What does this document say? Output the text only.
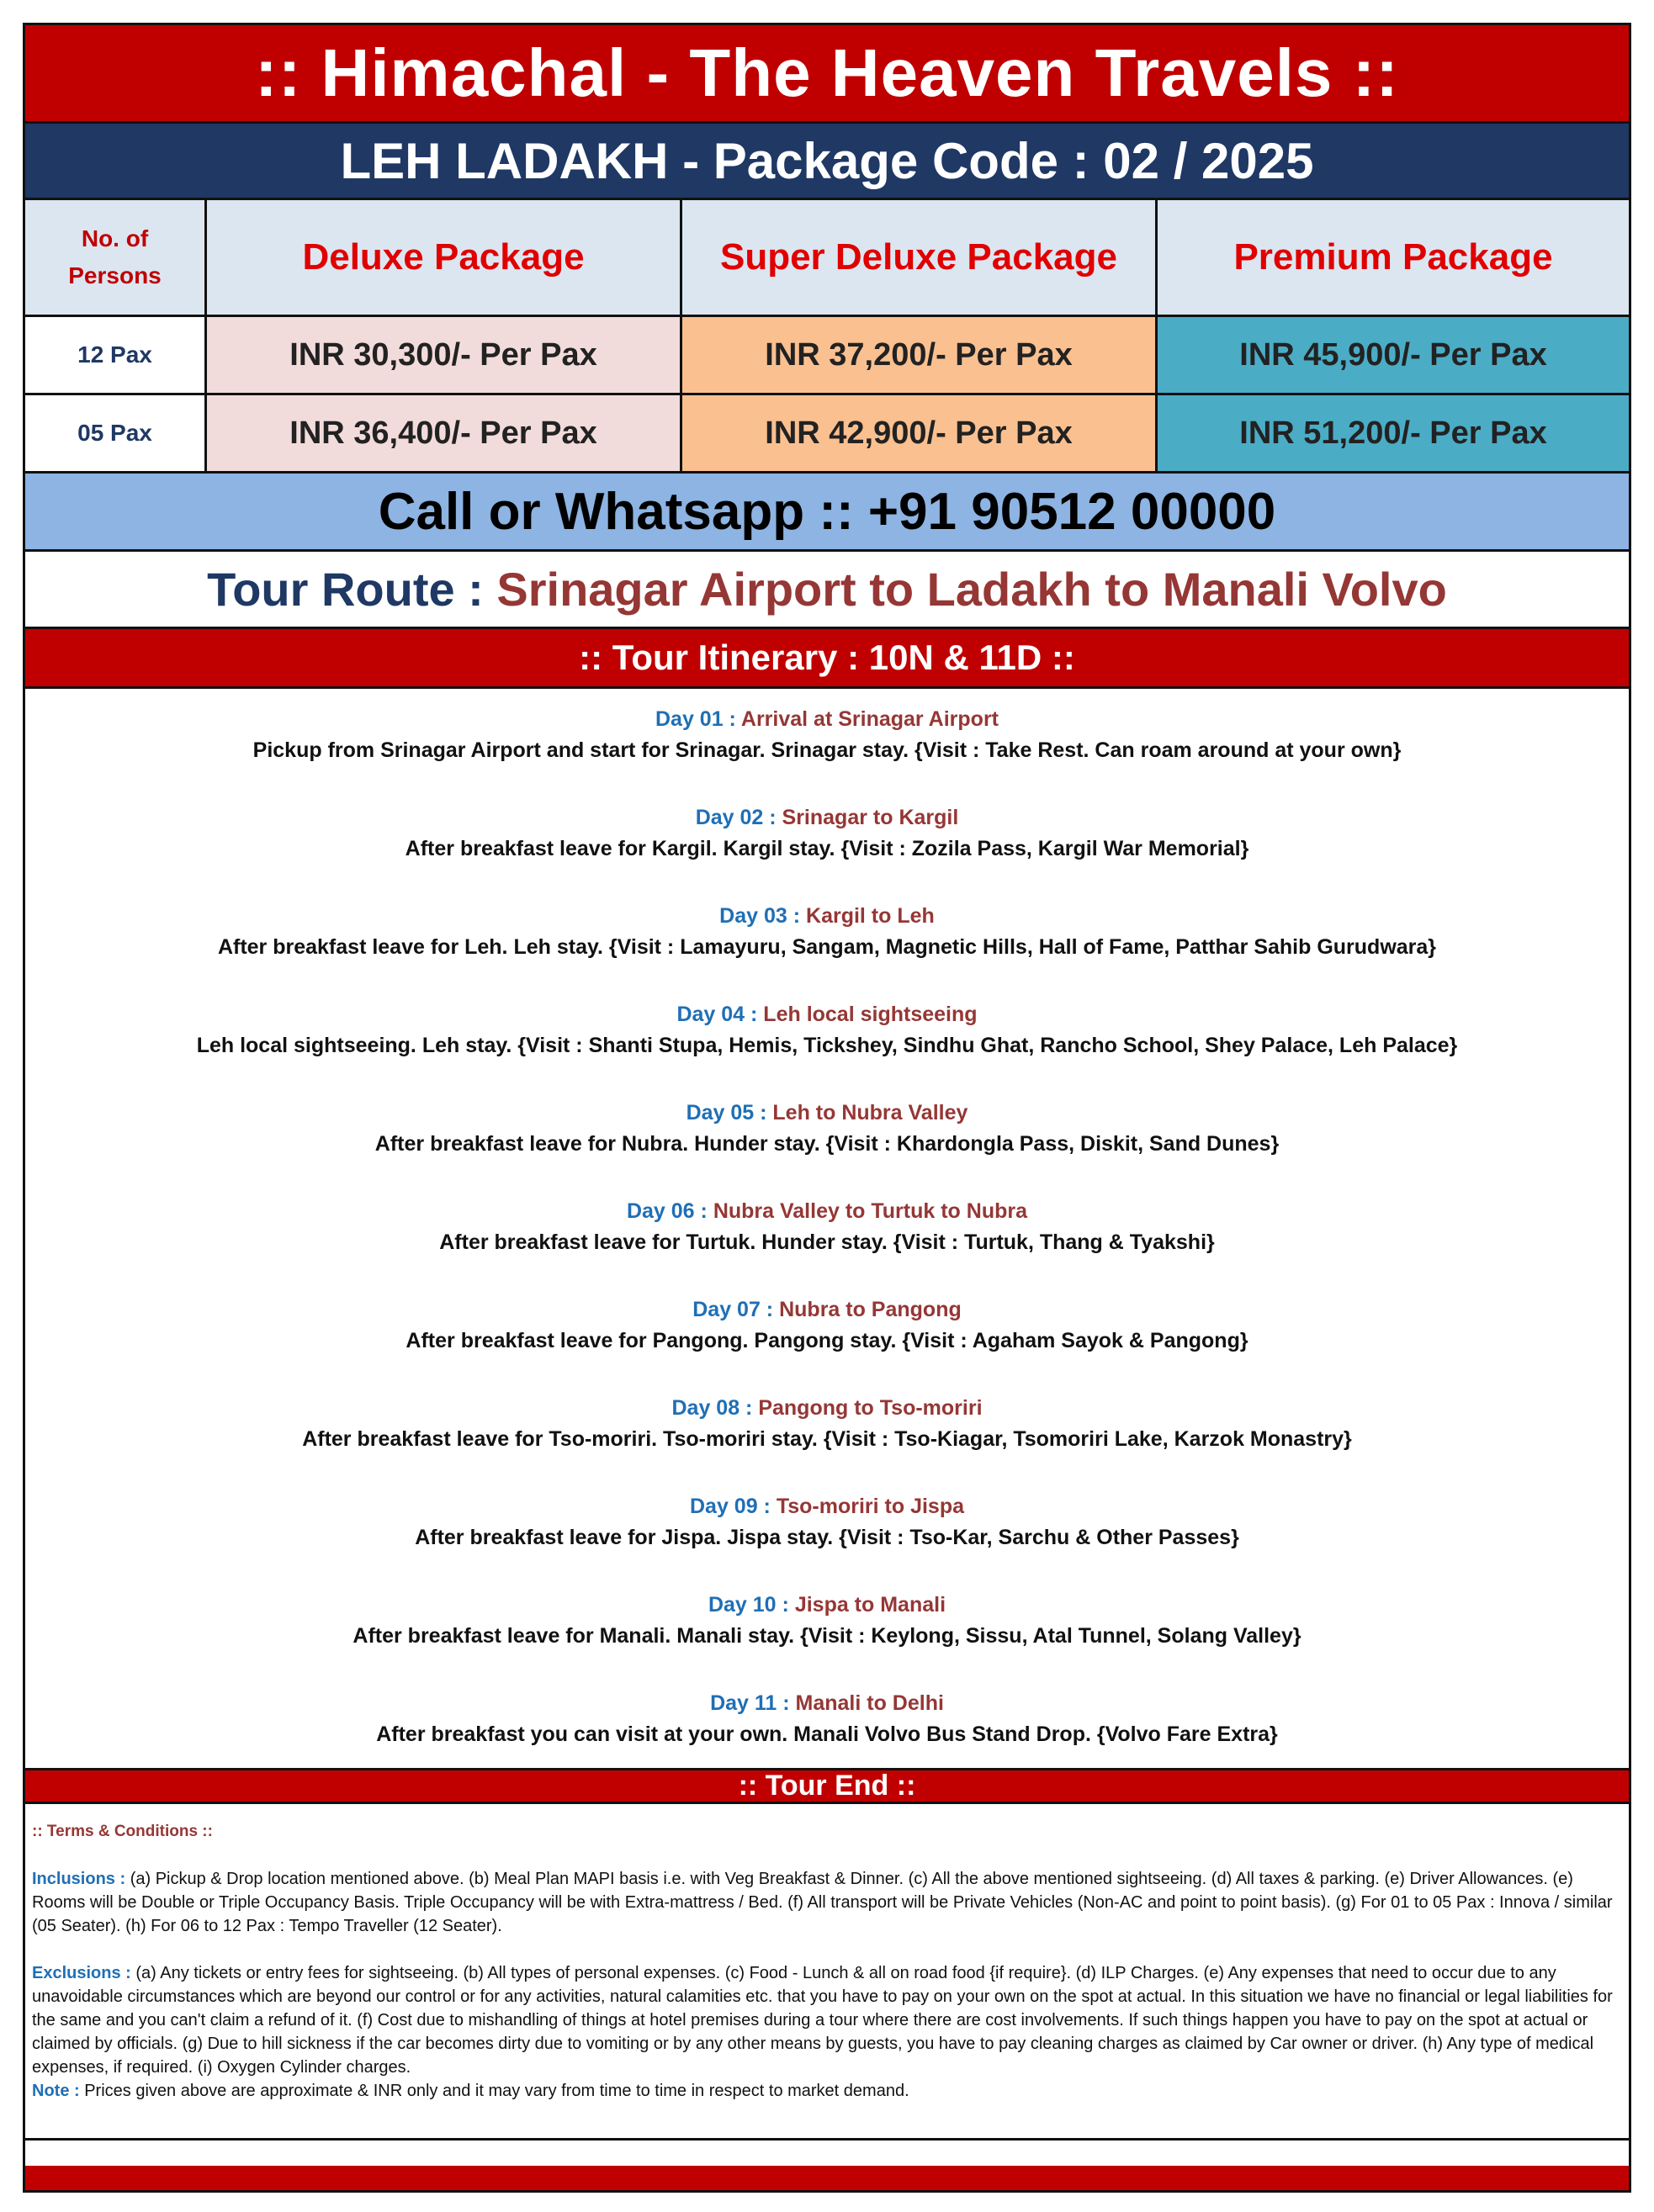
:: Himachal - The Heaven Travels ::
LEH LADAKH - Package Code : 02 / 2025
No. of Persons	Deluxe Package	Super Deluxe Package	Premium Package
12 Pax	INR 30,300/- Per Pax	INR 37,200/- Per Pax	INR 45,900/- Per Pax
05 Pax	INR 36,400/- Per Pax	INR 42,900/- Per Pax	INR 51,200/- Per Pax
Call or Whatsapp :: +91 90512 00000
Tour Route :
Srinagar Airport to Ladakh to Manali Volvo
:: Tour Itinerary : 10N & 11D ::
Day 01 : Arrival at Srinagar Airport
Pickup from Srinagar Airport and start for Srinagar. Srinagar stay. {Visit : Take Rest. Can roam around at your own}
Day 02 : Srinagar to Kargil
After breakfast leave for Kargil. Kargil stay. {Visit : Zozila Pass, Kargil War Memorial}
Day 03 : Kargil to Leh
After breakfast leave for Leh. Leh stay. {Visit : Lamayuru, Sangam, Magnetic Hills, Hall of Fame, Patthar Sahib Gurudwara}
Day 04 : Leh local sightseeing
Leh local sightseeing. Leh stay. {Visit : Shanti Stupa, Hemis, Tickshey, Sindhu Ghat, Rancho School, Shey Palace, Leh Palace}
Day 05 : Leh to Nubra Valley
After breakfast leave for Nubra. Hunder stay. {Visit : Khardongla Pass, Diskit, Sand Dunes}
Day 06 : Nubra Valley to Turtuk to Nubra
After breakfast leave for Turtuk. Hunder stay. {Visit : Turtuk, Thang & Tyakshi}
Day 07 : Nubra to Pangong
After breakfast leave for Pangong. Pangong stay. {Visit : Agaham Sayok & Pangong}
Day 08 : Pangong to Tso-moriri
After breakfast leave for Tso-moriri. Tso-moriri stay. {Visit : Tso-Kiagar, Tsomoriri Lake, Karzok Monastry}
Day 09 : Tso-moriri to Jispa
After breakfast leave for Jispa. Jispa stay. {Visit : Tso-Kar, Sarchu & Other Passes}
Day 10 : Jispa to Manali
After breakfast leave for Manali. Manali stay. {Visit : Keylong, Sissu, Atal Tunnel, Solang Valley}
Day 11 : Manali to Delhi
After breakfast you can visit at your own. Manali Volvo Bus Stand Drop. {Volvo Fare Extra}
:: Tour End ::

:: Terms & Conditions ::

Inclusions : (a) Pickup & Drop location mentioned above. (b) Meal Plan MAPI basis i.e. with Veg Breakfast & Dinner. (c) All the above mentioned sightseeing. (d) All taxes & parking. (e) Driver Allowances. (e) Rooms will be Double or Triple Occupancy Basis. Triple Occupancy will be with Extra-mattress / Bed. (f) All transport will be Private Vehicles (Non-AC and point to point basis). (g) For 01 to 05 Pax : Innova / similar (05 Seater). (h) For 06 to 12 Pax : Tempo Traveller (12 Seater).

Exclusions : (a) Any tickets or entry fees for sightseeing. (b) All types of personal expenses. (c) Food - Lunch & all on road food {if require}. (d) ILP Charges. (e) Any expenses that need to occur due to any unavoidable circumstances which are beyond our control or for any activities, natural calamities etc. that you have to pay on your own on the spot at actual. In this situation we have no financial or legal liabilities for the same and you can't claim a refund of it. (f) Cost due to mishandling of things at hotel premises during a tour where there are cost involvements. If such things happen you have to pay on the spot at actual or claimed by officials. (g) Due to hill sickness if the car becomes dirty due to vomiting or by any other means by guests, you have to pay cleaning charges as claimed by Car owner or driver. (h) Any type of medical expenses, if required. (i) Oxygen Cylinder charges.

Note : Prices given above are approximate & INR only and it may vary from time to time in respect to market demand.
